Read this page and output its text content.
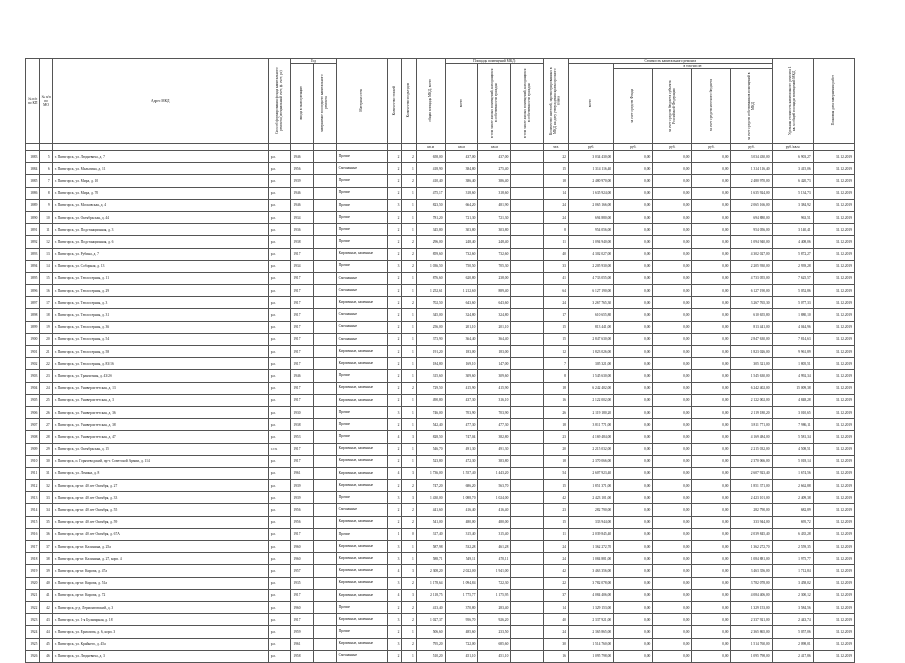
№ п/п по КП	№ п/п по МО	Адрес МКД	Способ формирования фонда капитального ремонта (специальный счет, ф. счет, рс)	Год		Материал стен	Количество этажей	Количество подъездов	общая площадь МКД, всего	Площадь помещений МКД:			Количество жителей, зарегистрированных в МКД на дату утверждения краткосрочного плана	Стоимость капитального ремонта					Удельная стоимость капитального ремонта 1 кв. м общей площади помещений МКД	Плановая дата завершения работ
				ввода в эксплуатацию	завершение последнего капитального ремонта					всего	в том числе жилых помещений, находящихся в собственности граждан	в том числе жилых помещений, находящихся в собственности граждан		всего	в том числе:					
															за счет средств Фонда	за счет средств бюджета субъекта Российской Федерации	за счет средств местного бюджета	за счет средств собственников помещений в МКД		
									кв.м	кв.м	кв.м		чел.	руб.	руб.	руб.	руб.	руб.	руб./кв.м	
1883	5	г. Пятигорск, ул. Людкевича, д. 7	р.о.	1946		Прочие	2	2	658,00	437,00	437,00		22	3 034 430,00	0,00	0,00	0,00	3 034 430,00	6 903,27	31.12.2019
1884	6	г. Пятигорск, ул. Малыгина, д. 11	р.о.	1956		Смешанные	2	1	418,90	384,80	275,40		15	1 314 116,40	0,00	0,00	0,00	1 314 116,40	3 415,06	31.12.2019
1885	7	г. Пятигорск, ул. Мира, д. 10	р.о.	1939		Прочие	2	2	410,40	386,40	386,40		18	2 480 970,00	0,00	0,00	0,00	2 480 970,00	6 420,73	31.12.2019
1886	8	г. Пятигорск, ул. Мира, д. 70	р.о.	1946		Прочие	2	1	475,17	318,60	318,60		14	1 635 924,00	0,00	0,00	0,00	1 635 924,00	5 134,73	31.12.2019
1889	9	г. Пятигорск, ул. Московская, д. 4	р.о.	1946		Прочие	3	1	823,50	664,20	481,90		24	2 065 166,00	0,00	0,00	0,00	2 065 166,00	3 384,92	31.12.2019
1890	10	г. Пятигорск, ул. Октябрьская, д. 44	р.о.	1934		Прочие	2	1	781,20	721,30	721,30		24	694 880,00	0,00	0,00	0,00	694 880,00	963,51	31.12.2019
1891	11	г. Пятигорск, ул. Подстанционная, д. 3	р.о.	1936		Прочие	2	1	345,80	303,80	303,80		8	954 056,00	0,00	0,00	0,00	954 056,00	3 140,41	31.12.2019
1892	12	г. Пятигорск, ул. Подстанционная, д. 6	р.о.	1938		Прочие	2	2	296,00	248,40	248,40		11	1 094 940,00	0,00	0,00	0,00	1 094 940,00	4 408,06	31.12.2019
1893	13	г. Пятигорск, ул. Рубина, д. 7	р.о.	1917		Кирпичные, каменные	2	2	859,60	732,60	732,60		40	4 302 027,00	0,00	0,00	0,00	4 302 027,00	5 872,27	31.12.2019
1894	14	г. Пятигорск, ул. Соборная, д. 13	р.о.	1934		Прочие	3	2	1 036,50	750,50	705,30		33	2 205 930,00	0,00	0,00	0,00	2 205 930,00	2 939,28	31.12.2019
1895	15	г. Пятигорск, ул. Теплосерная, д. 11	р.о.	1917		Смешанные	2	1	876,60	620,80	238,00		41	4 733 055,00	0,00	0,00	0,00	4 733 055,00	7 625,57	31.12.2019
1896	16	г. Пятигорск, ул. Теплосерная, д. 29	р.о.	1917		Смешанные	2	1	1 252,61	1 212,60	889,40		64	6 127 190,00	0,00	0,00	0,00	6 127 190,00	5 052,86	31.12.2019
1897	17	г. Пятигорск, ул. Теплосерная, д. 3	р.о.	1917		Кирпичные, каменные	2	2	702,50	643,60	643,60		24	3 267 765,30	0,00	0,00	0,00	3 267 765,30	5 077,33	31.12.2019
1898	18	г. Пятигорск, ул. Теплосерная, д. 31	р.о.	1917		Смешанные	2	1	345,00	324,80	324,80		17	610 655,80	0,00	0,00	0,00	610 655,80	1 880,10	31.12.2019
1899	19	г. Пятигорск, ул. Теплосерная, д. 36	р.о.	1917		Смешанные	2	1	256,00	201,10	201,10		15	813 441,00	0,00	0,00	0,00	813 441,00	4 044,96	31.12.2019
1900	20	г. Пятигорск, ул. Теплосерная, д. 54	р.о.	1917		Смешанные	2	1	373,90	364,40	364,40		15	2 847 630,00	0,00	0,00	0,00	2 847 630,00	7 814,63	31.12.2019
1901	21	г. Пятигорск, ул. Теплосерная, д. 58	р.о.	1917		Кирпичные, каменные	2	1	191,20	183,00	183,00		12	1 823 026,00	0,00	0,00	0,00	1 823 026,00	9 961,89	31.12.2019
1902	22	г. Пятигорск, ул. Теплосерная, д. 83/16	р.о.	1917		Кирпичные, каменные	2	1	184,80	169,10	147,00		7	305 321,00	0,00	0,00	0,00	305 321,00	1 805,51	31.12.2019
1903	23	г. Пятигорск, ул. Транзитная, д. 43/2б	р.о.	1946		Прочие	2	1	315,60	309,60	309,60		8	1 545 630,00	0,00	0,00	0,00	1 545 630,00	4 992,34	31.12.2019
1904	24	г. Пятигорск, ул. Университетская, д. 13	р.о.	1917		Кирпичные, каменные	2	2	729,50	415,90	415,90		18	6 242 402,00	0,00	0,00	0,00	6 242 402,00	15 009,38	31.12.2019
1905	25	г. Пятигорск, ул. Университетская, д. 3	р.о.	1917		Кирпичные, каменные	2	1	490,80	437,30	316,10		16	2 122 002,00	0,00	0,00	0,00	2 122 002,00	4 848,28	31.12.2019
1906	26	г. Пятигорск, ул. Университетская, д. 36	р.о.	1930		Прочие	3	1	746,00	703,90	703,90		26	2 119 180,20	0,00	0,00	0,00	2 119 180,20	3 010,65	31.12.2019
1907	27	г. Пятигорск, ул. Университетская, д. 38	р.о.	1938		Прочие	2	1	542,40	477,30	477,30		18	3 811 771,00	0,00	0,00	0,00	3 811 771,00	7 986,11	31.12.2019
1908	28	г. Пятигорск, ул. Университетская, д. 47	р.о.	1953		Прочие	4	3	828,50	747,04	382,80		23	4 169 484,00	0,00	0,00	0,00	4 169 484,00	5 581,34	31.12.2019
1909	29	г. Пятигорск, ул. Октябрьская, д. 15	с.сч.	1917		Кирпичные, каменные	2	1	546,70	491,30	491,30		20	2 215 032,00	0,00	0,00	0,00	2 215 032,00	4 508,51	31.12.2019
1910	30	г. Пятигорск, п. Горячеводский, пр-т. Советской Армии, д. 114	р.о.	1917		Кирпичные, каменные	2	1	523,80	472,30	383,80		18	2 370 066,00	0,00	0,00	0,00	2 370 066,00	5 018,14	31.12.2019
1911	31	г. Пятигорск, ул. Ленина, д. 8	р.о.	1961		Кирпичные, каменные	4	3	1 736,00	1 557,40	1 443,20		54	2 607 923,40	0,00	0,00	0,00	2 607 923,40	1 674,56	31.12.2019
1912	32	г. Пятигорск, пр-кт. 40 лет Октября, д. 27	р.о.	1939		Кирпичные, каменные	2	2	747,20	686,20	563,70		15	1 851 371,00	0,00	0,00	0,00	1 851 371,00	2 662,88	31.12.2019
1913	33	г. Пятигорск, пр-кт. 40 лет Октября, д. 33	р.о.	1939		Прочие	3	3	1 430,00	1 088,70	1 024,00		42	2 423 101,00	0,00	0,00	0,00	2 423 101,00	2 409,38	31.12.2019
1914	34	г. Пятигорск, пр-кт. 40 лет Октября, д. 55	р.о.	1956		Смешанные	2	2	441,60	416,40	416,40		23	282 790,00	0,00	0,00	0,00	282 790,00	682,89	31.12.2019
1915	35	г. Пятигорск, пр-кт. 40 лет Октября, д. 59	р.о.	1956		Кирпичные, каменные	2	2	541,00	480,00	480,00		15	333 944,00	0,00	0,00	0,00	333 944,00	695,72	31.12.2019
1916	36	г. Пятигорск, пр-кт. 40 лет Октября, д. 67А	р.о.	1917		Прочие	1	0	317,40	315,40	315,40		11	2 039 845,40	0,00	0,00	0,00	2 039 845,40	6 435,28	31.12.2019
1917	37	г. Пятигорск, пр-кт. Калинина, д. 25а	р.о.	1960		Кирпичные, каменные	3	1	587,98	532,28	461,28		24	1 362 272,70	0,00	0,00	0,00	1 362 272,70	2 559,35	31.12.2019
1918	38	г. Пятигорск, пр-кт. Калинина, д. 27, корп. 4	р.о.	1960		Кирпичные, каменные	3	1	588,71	549,11	470,11		24	1 084 881,00	0,00	0,00	0,00	1 084 881,00	1 975,77	31.12.2019
1919	39	г. Пятигорск, пр-кт. Кирова, д. 47а	р.о.	1957		Кирпичные, каменные	4	3	2 308,20	2 022,00	1 941,00		42	3 463 356,00	0,00	0,00	0,00	3 463 356,00	1 712,84	31.12.2019
1920	40	г. Пятигорск, пр-кт. Кирова, д. 51а	р.о.	1935		Кирпичные, каменные	3	2	1 178,64	1 094,84	722,30		22	3 782 078,00	0,00	0,00	0,00	3 782 078,00	3 458,02	31.12.2019
1921	41	г. Пятигорск, пр-кт. Кирова, д. 72	р.о.	1917		Кирпичные, каменные	4	3	2 118,75	1 775,77	1 175,95		37	4 084 406,00	0,00	0,00	0,00	4 084 406,00	2 300,12	31.12.2019
1922	42	г. Пятигорск, р-д. Лермонтовский, д. 3	р.о.	1960		Прочие	2	2	413,40	370,80	283,40		14	1 329 153,00	0,00	0,00	0,00	1 329 153,00	3 584,56	31.12.2019
1923	43	г. Пятигорск, ул. 1-я Бульварная, д. 18	р.о.	1917		Кирпичные, каменные	3	2	1 027,37	956,70	926,20		40	2 337 921,00	0,00	0,00	0,00	2 337 921,00	2 443,74	31.12.2019
1924	44	г. Пятигорск, ул. Ермолова, д. 6, корп. 3	р.о.	1959		Прочие	2	1	506,60	485,60	233,50		24	2 365 865,00	0,00	0,00	0,00	2 365 865,00	5 057,06	31.12.2019
1925	45	г. Пятигорск, ул. Крайнего, д. 45а	р.о.	1961		Кирпичные, каменные	3	2	795,20	722,00	685,60		30	1 514 760,00	0,00	0,00	0,00	1 514 760,00	2 098,01	31.12.2019
1926	46	г. Пятигорск, ул. Людкевича, д. 3	р.о.	1958		Смешанные	2	1	510,20	451,10	451,10		16	1 095 798,00	0,00	0,00	0,00	1 095 798,00	2 417,86	31.12.2019
